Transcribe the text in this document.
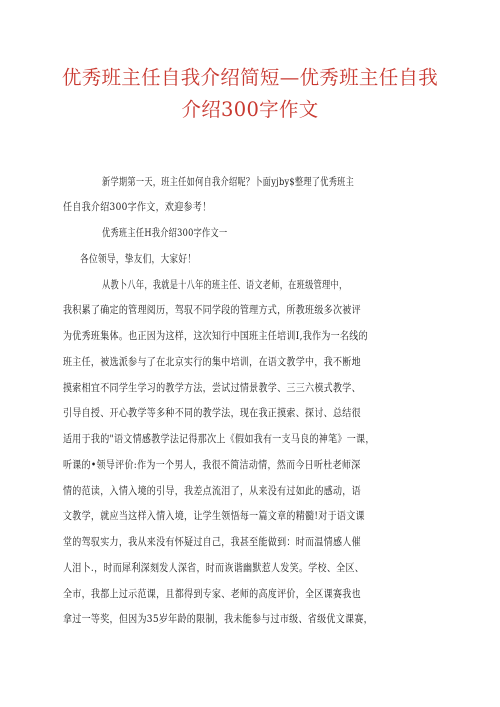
优秀班主任自我介绍简短—优秀班主任自我
介绍300字作文
新学期第一天，班主任如何自我介绍呢？卜面yjby$整理了优秀班主
任自我介绍300字作文，欢迎参考！
优秀班主任H我介绍300字作文一
各位领导，挚友们，大家好！
从教卜八年，我就是十八年的班主任、语文老师，在班级管理中，
我积累了确定的管理阅历，驾驭不同学段的管理方式，所教班级多次被评
为优秀班集体。也正因为这样，这次知行中国班主任培训I,我作为一名线的
班主任，被选派参与了在北京实行的集中培训，在语文教学中，我不断地
摸索相宜不同学生学习的教学方法，尝试过情景教学、三三六模式教学、
引导自授、开心教学等多种不同的教学法，现在我正摸索、探讨、总结很
适用于我的"语文情感教学法记得那次上《假如我有一支马良的神笔》一课，
听课的•领导评价:作为一个男人，我很不简洁动情，然而今日听杜老师深
情的范读，入情入境的引导，我差点流泪了，从来没有过如此的感动，语
文教学，就应当这样入情入境，让学生领悟每一篇文章的精髓!对于语文课
堂的驾驭实力，我从来没有怀疑过自己，我甚至能做到：时而温情感人催
人泪卜.，时而犀利深刻发人深省，时而诙谐幽默惹人发笑。学校、全区、
全市，我都上过示范课，且都得到专家、老师的高度评价，全区课赛我也
拿过一等奖，但因为35岁年龄的限制，我未能参与过市级、省级优文课赛，
